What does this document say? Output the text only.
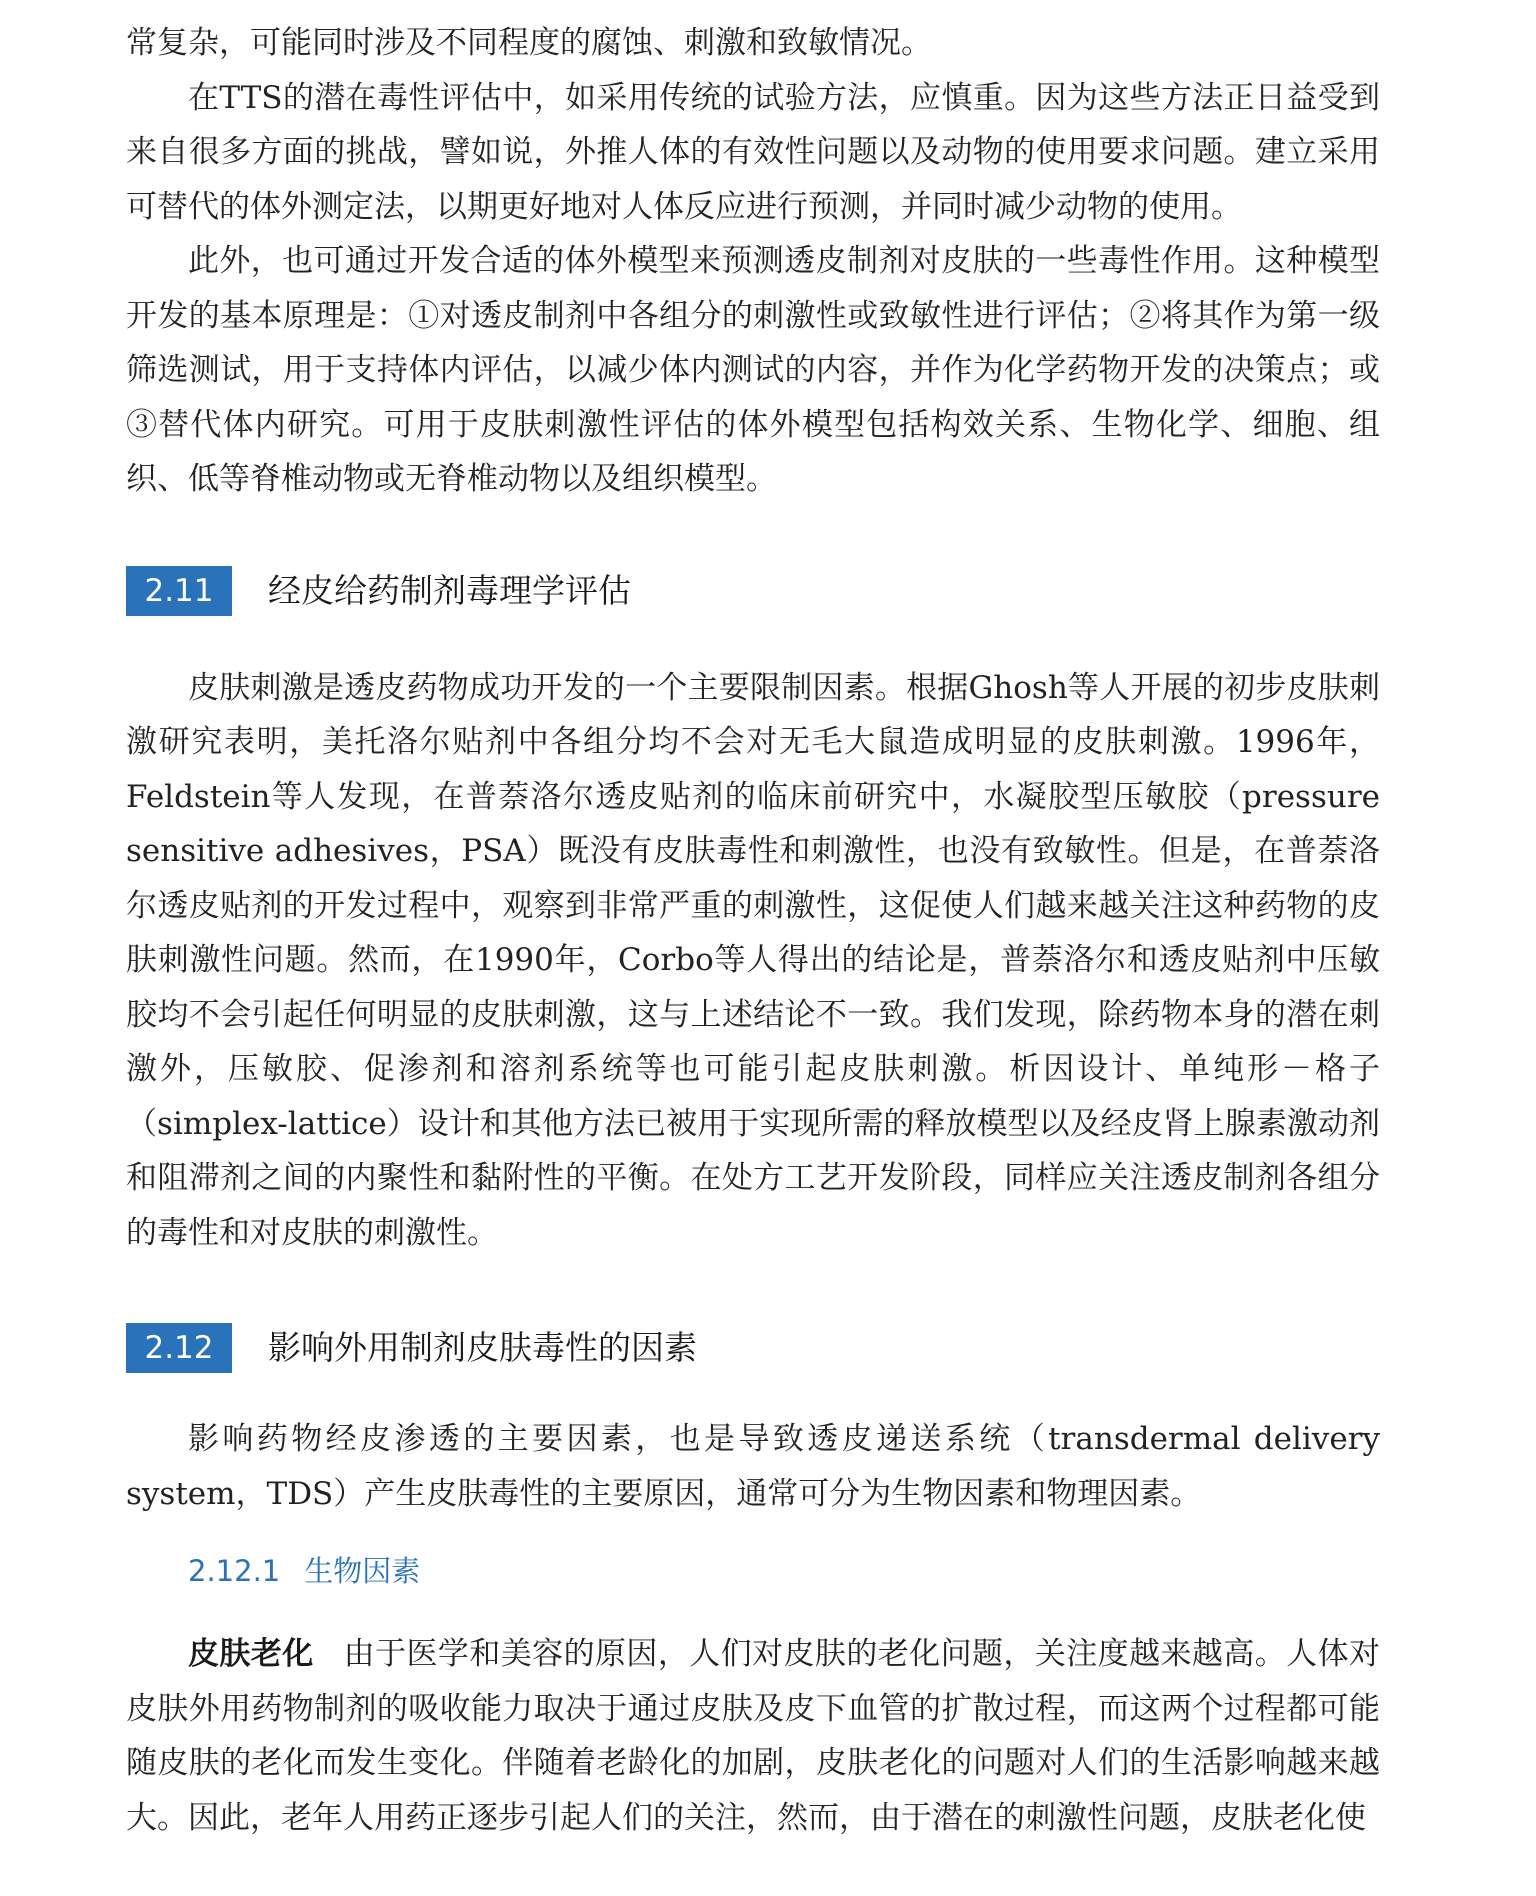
常复杂，可能同时涉及不同程度的腐蚀、刺激和致敏情况。

在TTS的潜在毒性评估中，如采用传统的试验方法，应慎重。因为这些方法正日益受到来自很多方面的挑战，譬如说，外推人体的有效性问题以及动物的使用要求问题。建立采用可替代的体外测定法，以期更好地对人体反应进行预测，并同时减少动物的使用。

此外，也可通过开发合适的体外模型来预测透皮制剂对皮肤的一些毒性作用。这种模型开发的基本原理是：①对透皮制剂中各组分的刺激性或致敏性进行评估；②将其作为第一级筛选测试，用于支持体内评估，以减少体内测试的内容，并作为化学药物开发的决策点；或③替代体内研究。可用于皮肤刺激性评估的体外模型包括构效关系、生物化学、细胞、组织、低等脊椎动物或无脊椎动物以及组织模型。

2.11	经皮给药制剂毒理学评估

皮肤刺激是透皮药物成功开发的一个主要限制因素。根据Ghosh等人开展的初步皮肤刺激研究表明，美托洛尔贴剂中各组分均不会对无毛大鼠造成明显的皮肤刺激。1996年，Feldstein等人发现，在普萘洛尔透皮贴剂的临床前研究中，水凝胶型压敏胶（pressure sensitive adhesives，PSA）既没有皮肤毒性和刺激性，也没有致敏性。但是，在普萘洛尔透皮贴剂的开发过程中，观察到非常严重的刺激性，这促使人们越来越关注这种药物的皮肤刺激性问题。然而，在1990年，Corbo等人得出的结论是，普萘洛尔和透皮贴剂中压敏胶均不会引起任何明显的皮肤刺激，这与上述结论不一致。我们发现，除药物本身的潜在刺激外，压敏胶、促渗剂和溶剂系统等也可能引起皮肤刺激。析因设计、单纯形－格子（simplex-lattice）设计和其他方法已被用于实现所需的释放模型以及经皮肾上腺素激动剂和阻滞剂之间的内聚性和黏附性的平衡。在处方工艺开发阶段，同样应关注透皮制剂各组分的毒性和对皮肤的刺激性。

2.12	影响外用制剂皮肤毒性的因素

影响药物经皮渗透的主要因素，也是导致透皮递送系统（transdermal delivery system，TDS）产生皮肤毒性的主要原因，通常可分为生物因素和物理因素。

2.12.1 生物因素

皮肤老化 由于医学和美容的原因，人们对皮肤的老化问题，关注度越来越高。人体对皮肤外用药物制剂的吸收能力取决于通过皮肤及皮下血管的扩散过程，而这两个过程都可能随皮肤的老化而发生变化。伴随着老龄化的加剧，皮肤老化的问题对人们的生活影响越来越大。因此，老年人用药正逐步引起人们的关注，然而，由于潜在的刺激性问题，皮肤老化使
